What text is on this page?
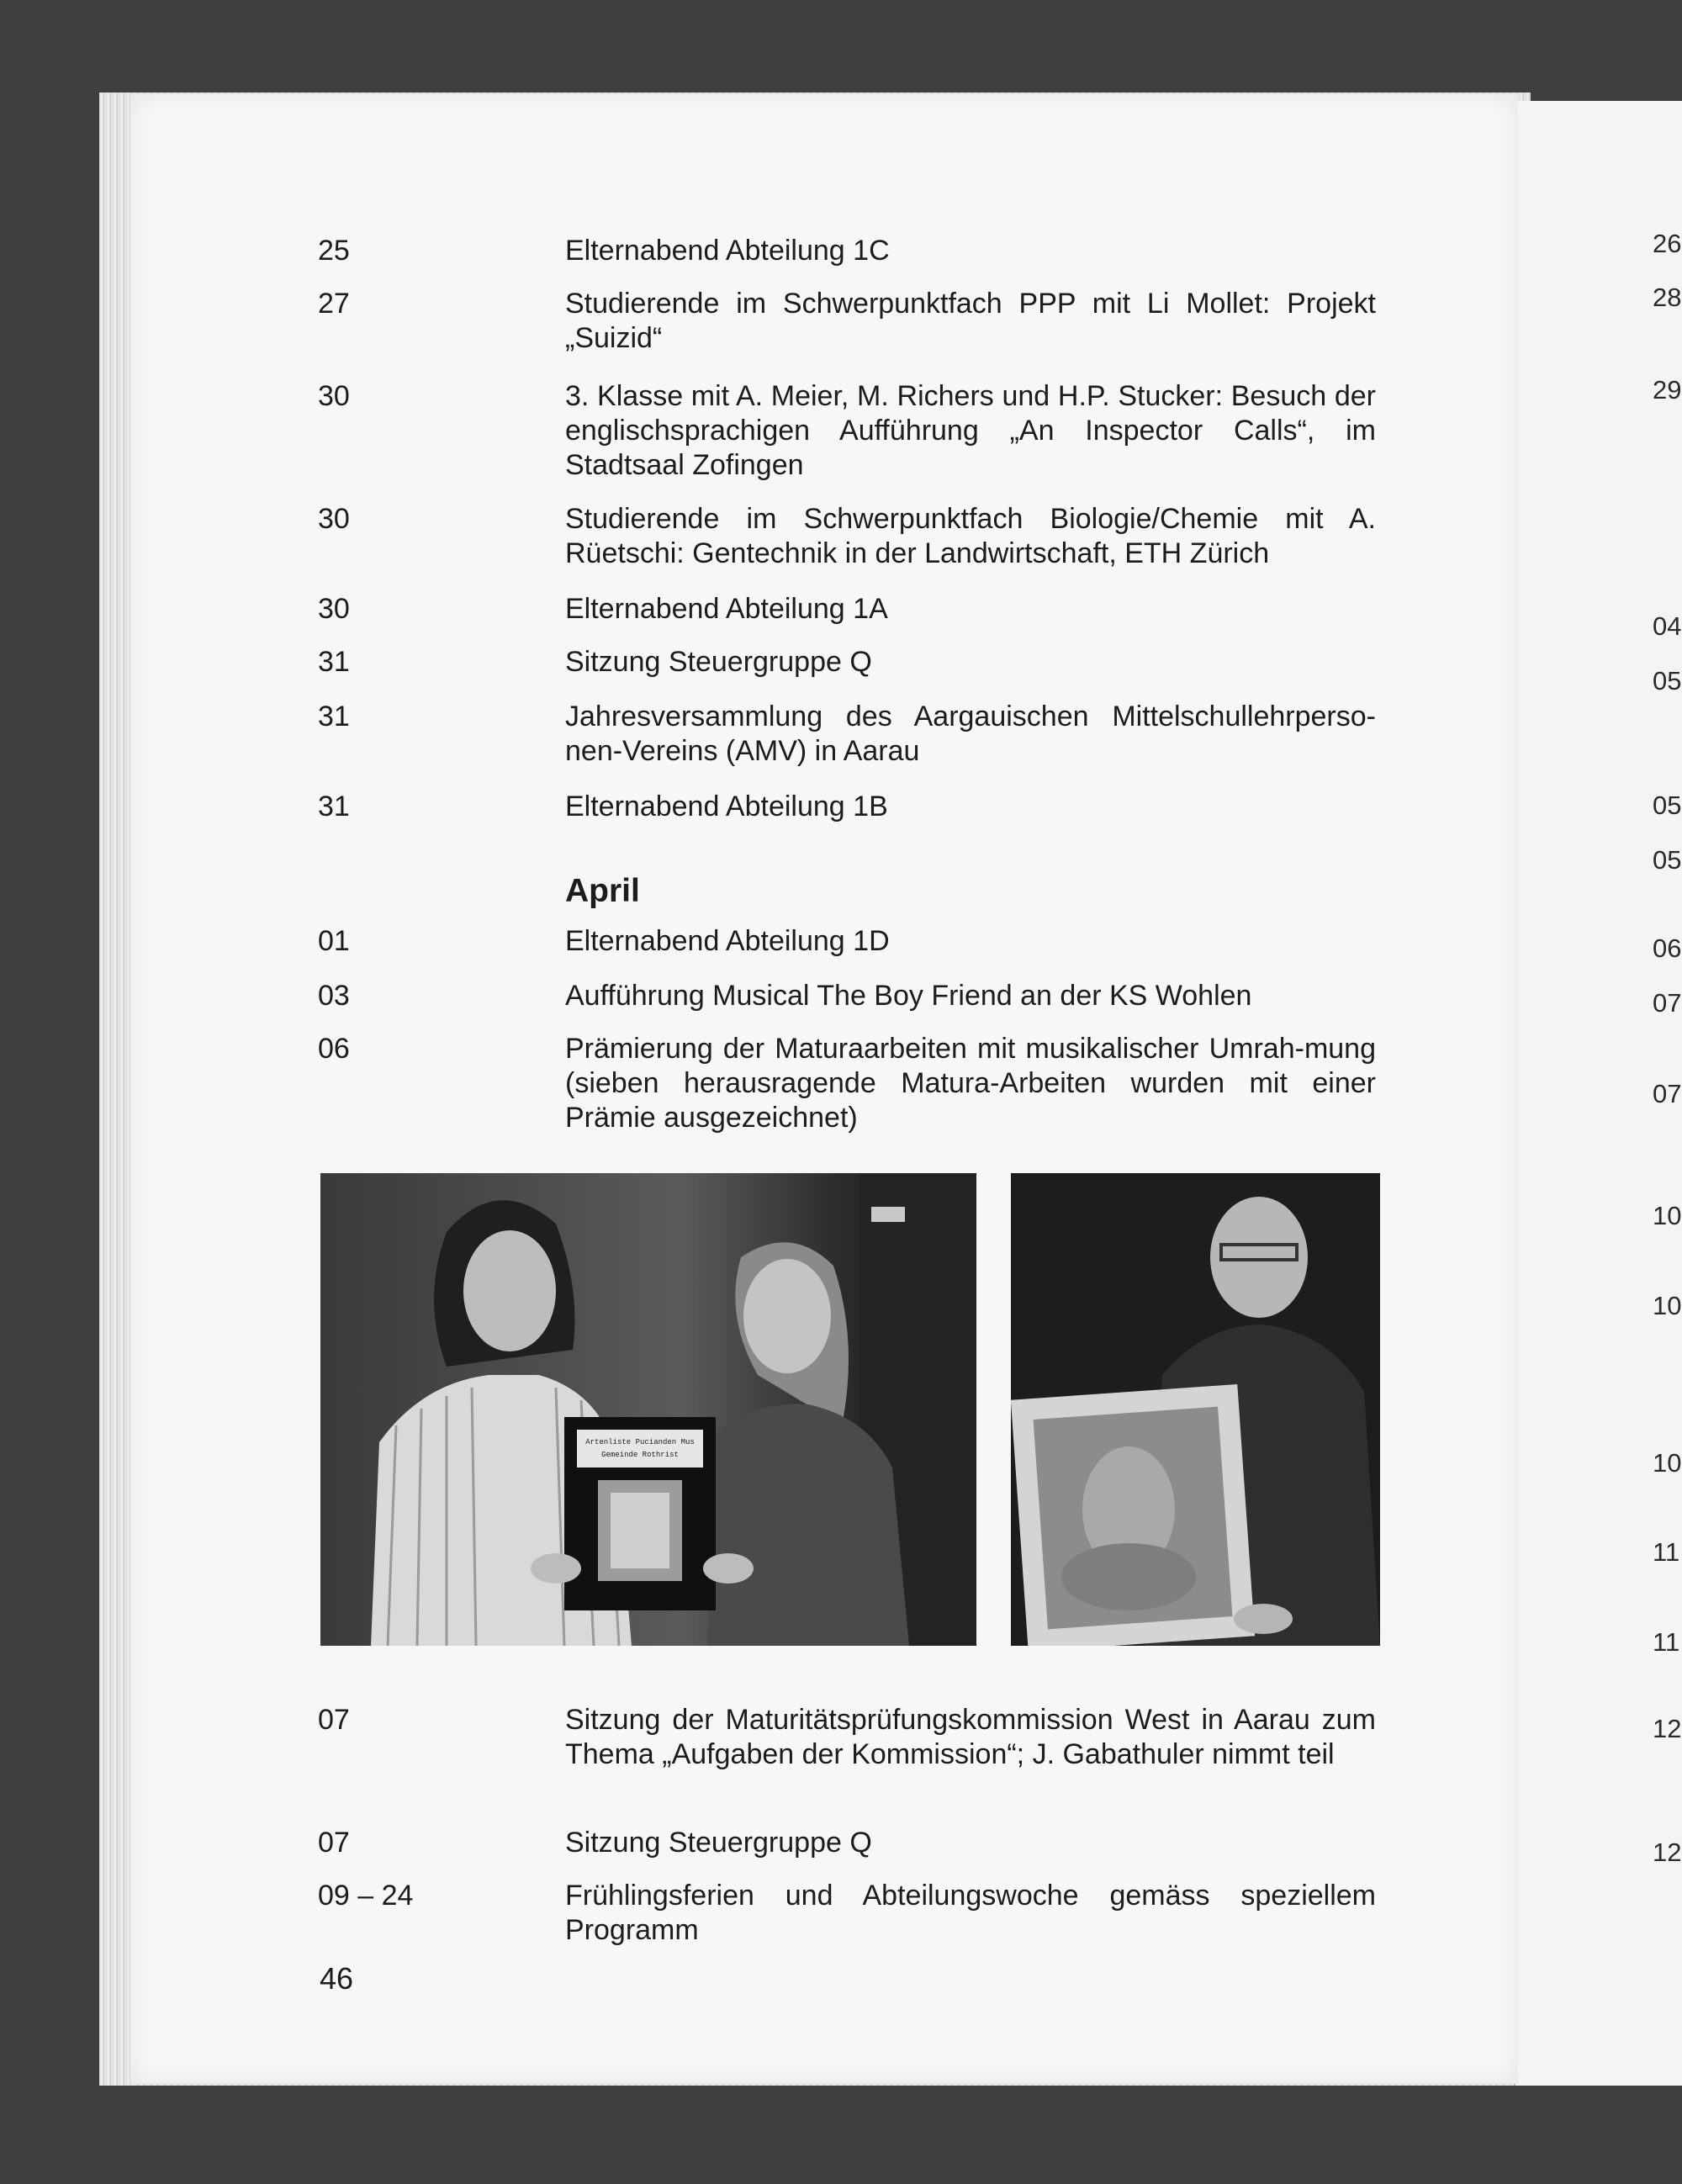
25	Elternabend Abteilung 1C
27	Studierende im Schwerpunktfach PPP mit Li Mollet: Projekt „Suizid“
30	3. Klasse mit A. Meier, M. Richers und H.P. Stucker: Besuch der englischsprachigen Aufführung „An Inspector Calls“, im Stadtsaal Zofingen
30	Studierende im Schwerpunktfach Biologie/Chemie mit A. Rüetschi: Gentechnik in der Landwirtschaft, ETH Zürich
30	Elternabend Abteilung 1A
31	Sitzung Steuergruppe Q
31	Jahresversammlung des Aargauischen Mittelschullehrperso-nen-Vereins (AMV) in Aarau
31	Elternabend Abteilung 1B
April
01	Elternabend Abteilung 1D
03	Aufführung Musical The Boy Friend an der KS Wohlen
06	Prämierung der Maturaarbeiten mit musikalischer Umrah-mung (sieben herausragende Matura-Arbeiten wurden mit einer Prämie ausgezeichnet)
Artenliste Pucianden Mus
Gemeinde Rothrist
07	Sitzung der Maturitätsprüfungskommission West in Aarau zum Thema „Aufgaben der Kommission“; J. Gabathuler nimmt teil
07	Sitzung Steuergruppe Q
09 – 24	Frühlingsferien und Abteilungswoche gemäss speziellem Programm
46
26
28
29
04
05
05
05
06
07
07
10
10
10
11
11
12
12
